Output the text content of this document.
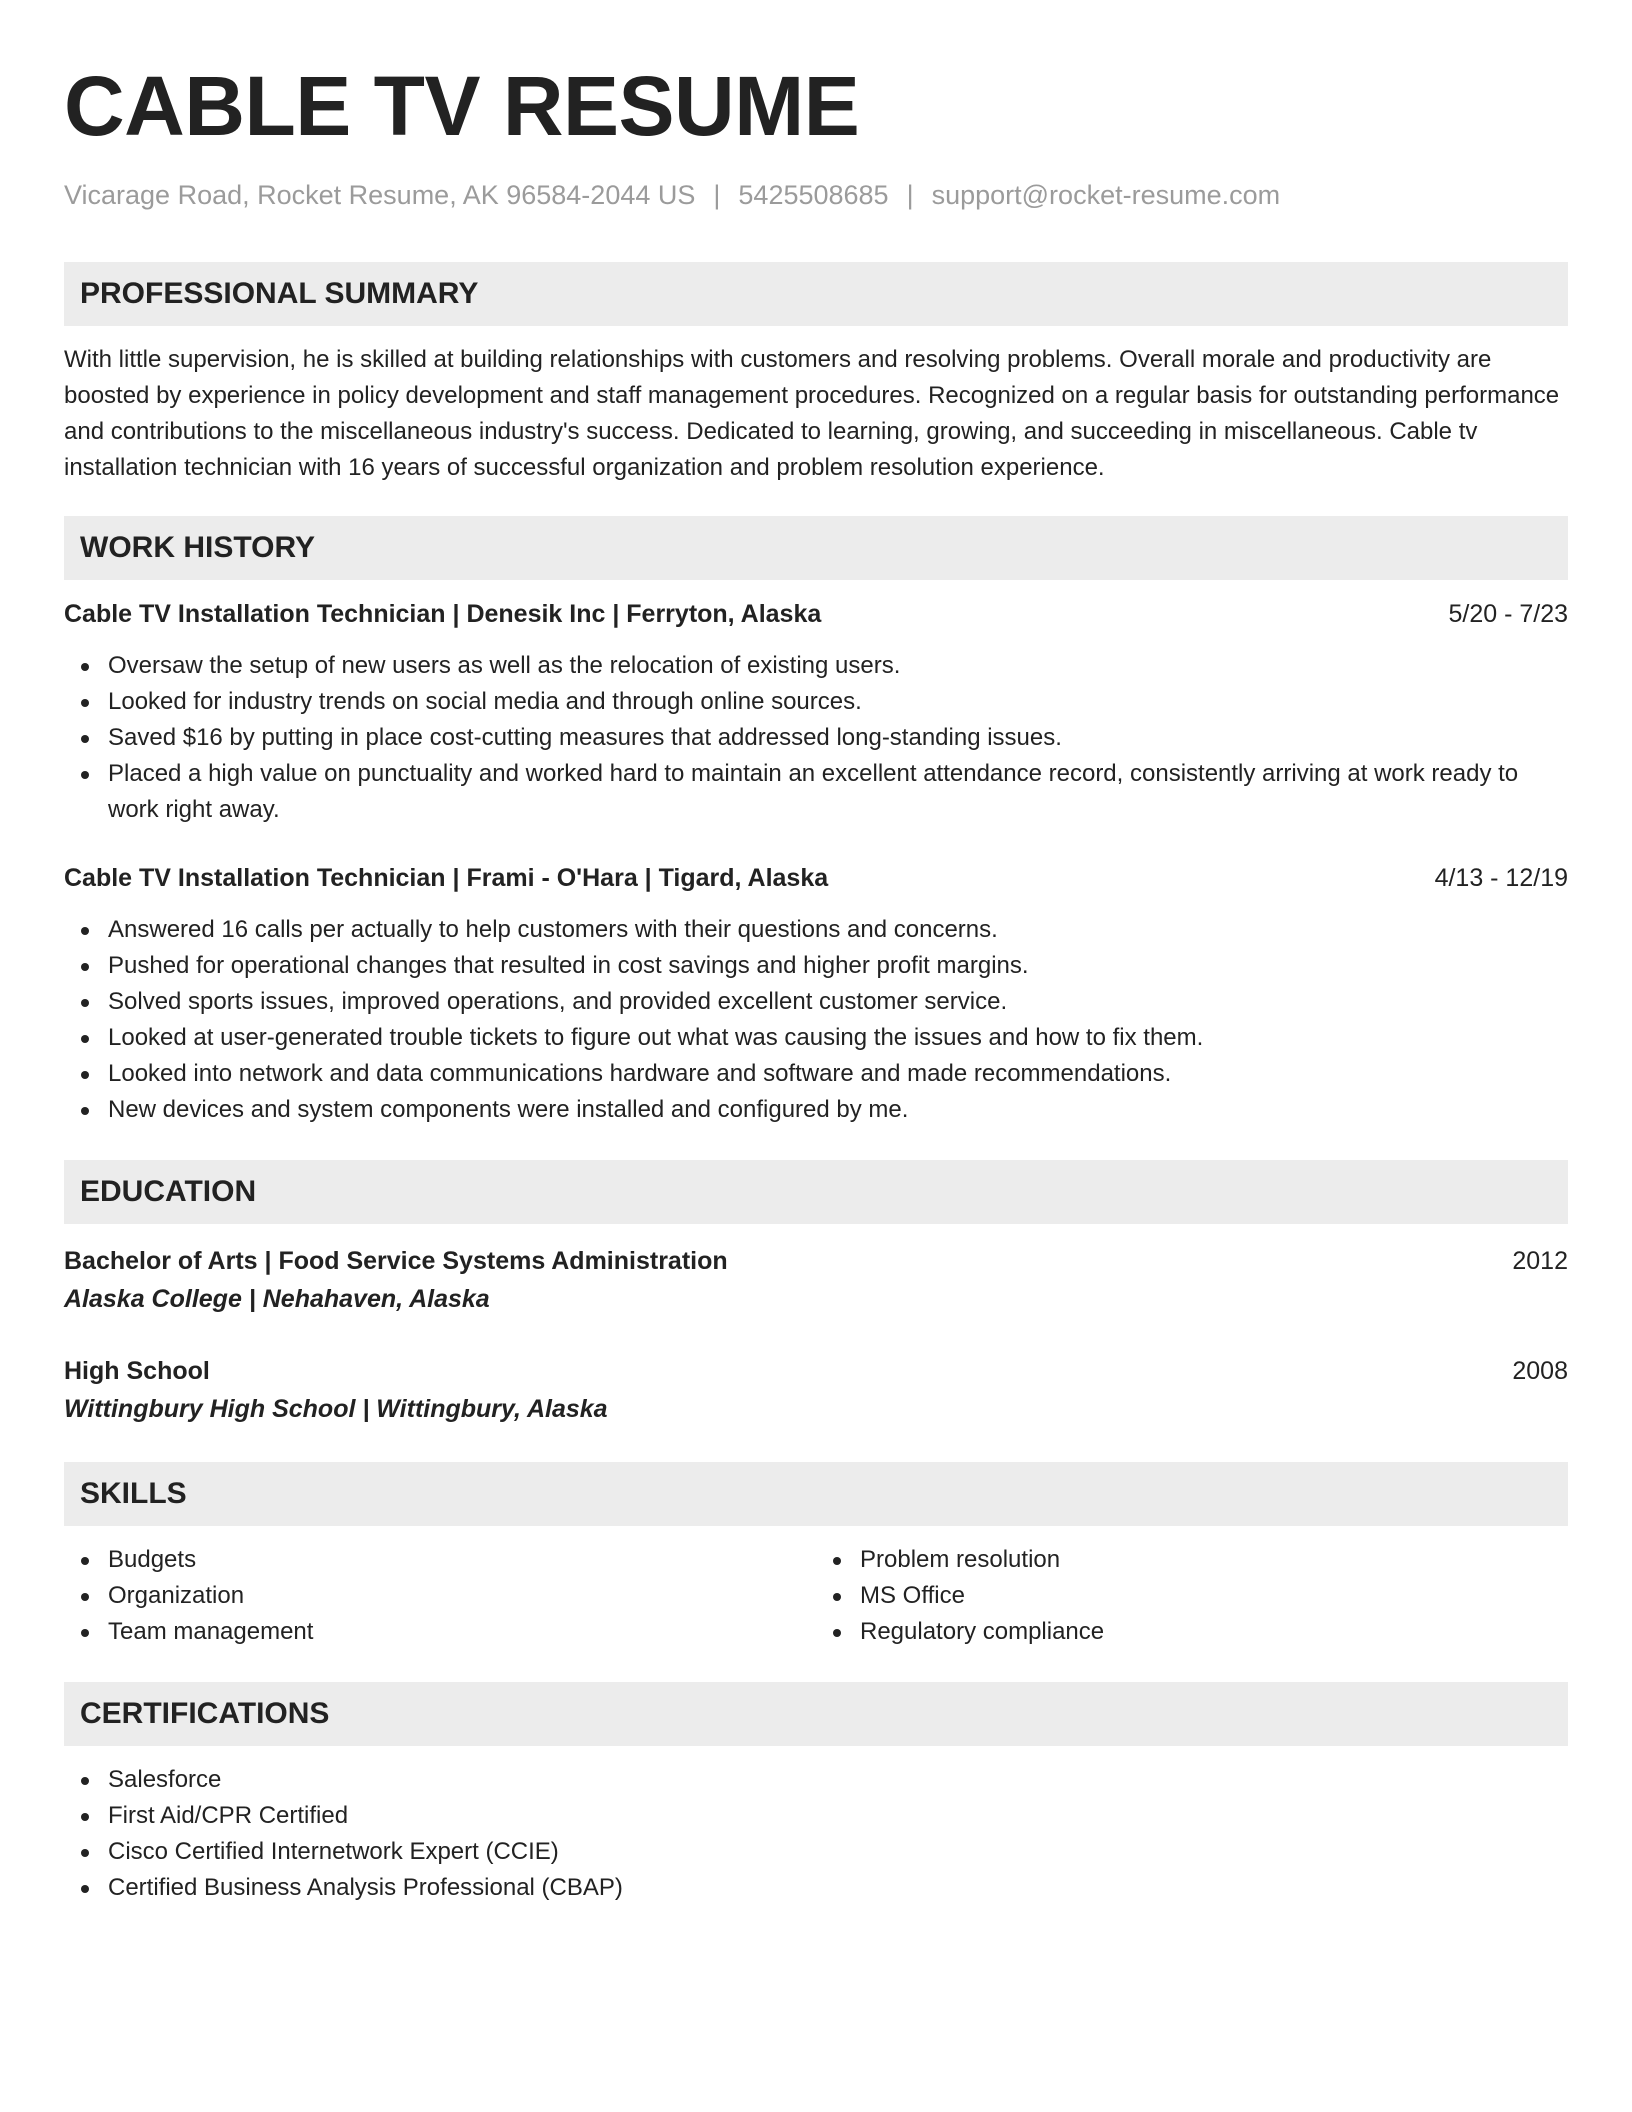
CABLE TV RESUME
Vicarage Road, Rocket Resume, AK 96584-2044 US | 5425508685 | support@rocket-resume.com
PROFESSIONAL SUMMARY
With little supervision, he is skilled at building relationships with customers and resolving problems. Overall morale and productivity are boosted by experience in policy development and staff management procedures. Recognized on a regular basis for outstanding performance and contributions to the miscellaneous industry's success. Dedicated to learning, growing, and succeeding in miscellaneous. Cable tv installation technician with 16 years of successful organization and problem resolution experience.
WORK HISTORY
Cable TV Installation Technician | Denesik Inc | Ferryton, Alaska	5/20 - 7/23
Oversaw the setup of new users as well as the relocation of existing users.
Looked for industry trends on social media and through online sources.
Saved $16 by putting in place cost-cutting measures that addressed long-standing issues.
Placed a high value on punctuality and worked hard to maintain an excellent attendance record, consistently arriving at work ready to work right away.
Cable TV Installation Technician | Frami - O'Hara | Tigard, Alaska	4/13 - 12/19
Answered 16 calls per actually to help customers with their questions and concerns.
Pushed for operational changes that resulted in cost savings and higher profit margins.
Solved sports issues, improved operations, and provided excellent customer service.
Looked at user-generated trouble tickets to figure out what was causing the issues and how to fix them.
Looked into network and data communications hardware and software and made recommendations.
New devices and system components were installed and configured by me.
EDUCATION
Bachelor of Arts | Food Service Systems Administration	2012
Alaska College | Nehahaven, Alaska
High School	2008
Wittingbury High School | Wittingbury, Alaska
SKILLS
Budgets
Organization
Team management
Problem resolution
MS Office
Regulatory compliance
CERTIFICATIONS
Salesforce
First Aid/CPR Certified
Cisco Certified Internetwork Expert (CCIE)
Certified Business Analysis Professional (CBAP)
